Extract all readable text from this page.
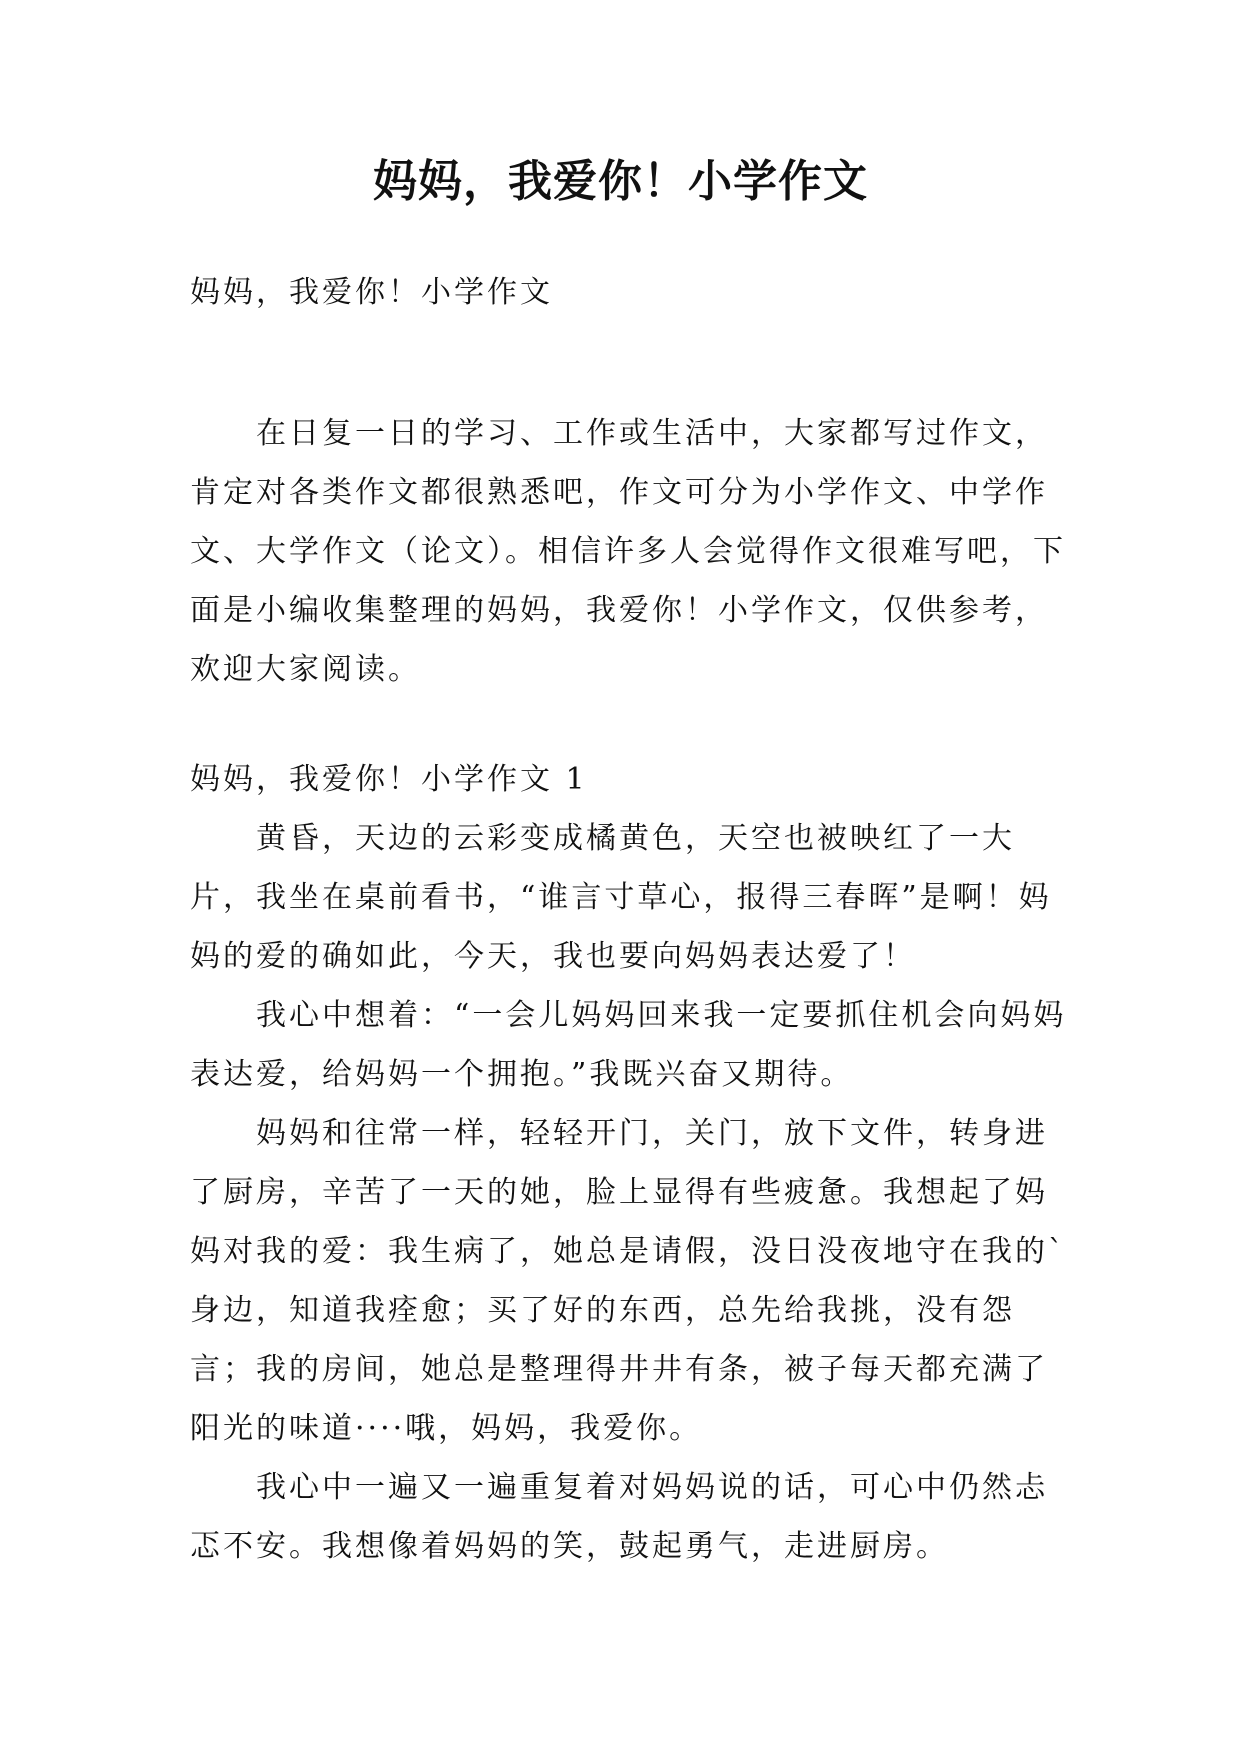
妈妈，我爱你！小学作文

妈妈，我爱你！小学作文

在日复一日的学习、工作或生活中，大家都写过作文，肯定对各类作文都很熟悉吧，作文可分为小学作文、中学作文、大学作文（论文）。相信许多人会觉得作文很难写吧，下面是小编收集整理的妈妈，我爱你！小学作文，仅供参考，欢迎大家阅读。

妈妈，我爱你！小学作文 1
黄昏，天边的云彩变成橘黄色，天空也被映红了一大片，我坐在桌前看书，“谁言寸草心，报得三春晖”是啊！妈妈的爱的确如此，今天，我也要向妈妈表达爱了！
我心中想着：“一会儿妈妈回来我一定要抓住机会向妈妈表达爱，给妈妈一个拥抱。”我既兴奋又期待。
妈妈和往常一样，轻轻开门，关门，放下文件，转身进了厨房，辛苦了一天的她，脸上显得有些疲惫。我想起了妈妈对我的爱：我生病了，她总是请假，没日没夜地守在我的`身边，知道我痊愈；买了好的东西，总先给我挑，没有怨言；我的房间，她总是整理得井井有条，被子每天都充满了阳光的味道····哦，妈妈，我爱你。
我心中一遍又一遍重复着对妈妈说的话，可心中仍然忐忑不安。我想像着妈妈的笑，鼓起勇气，走进厨房。
